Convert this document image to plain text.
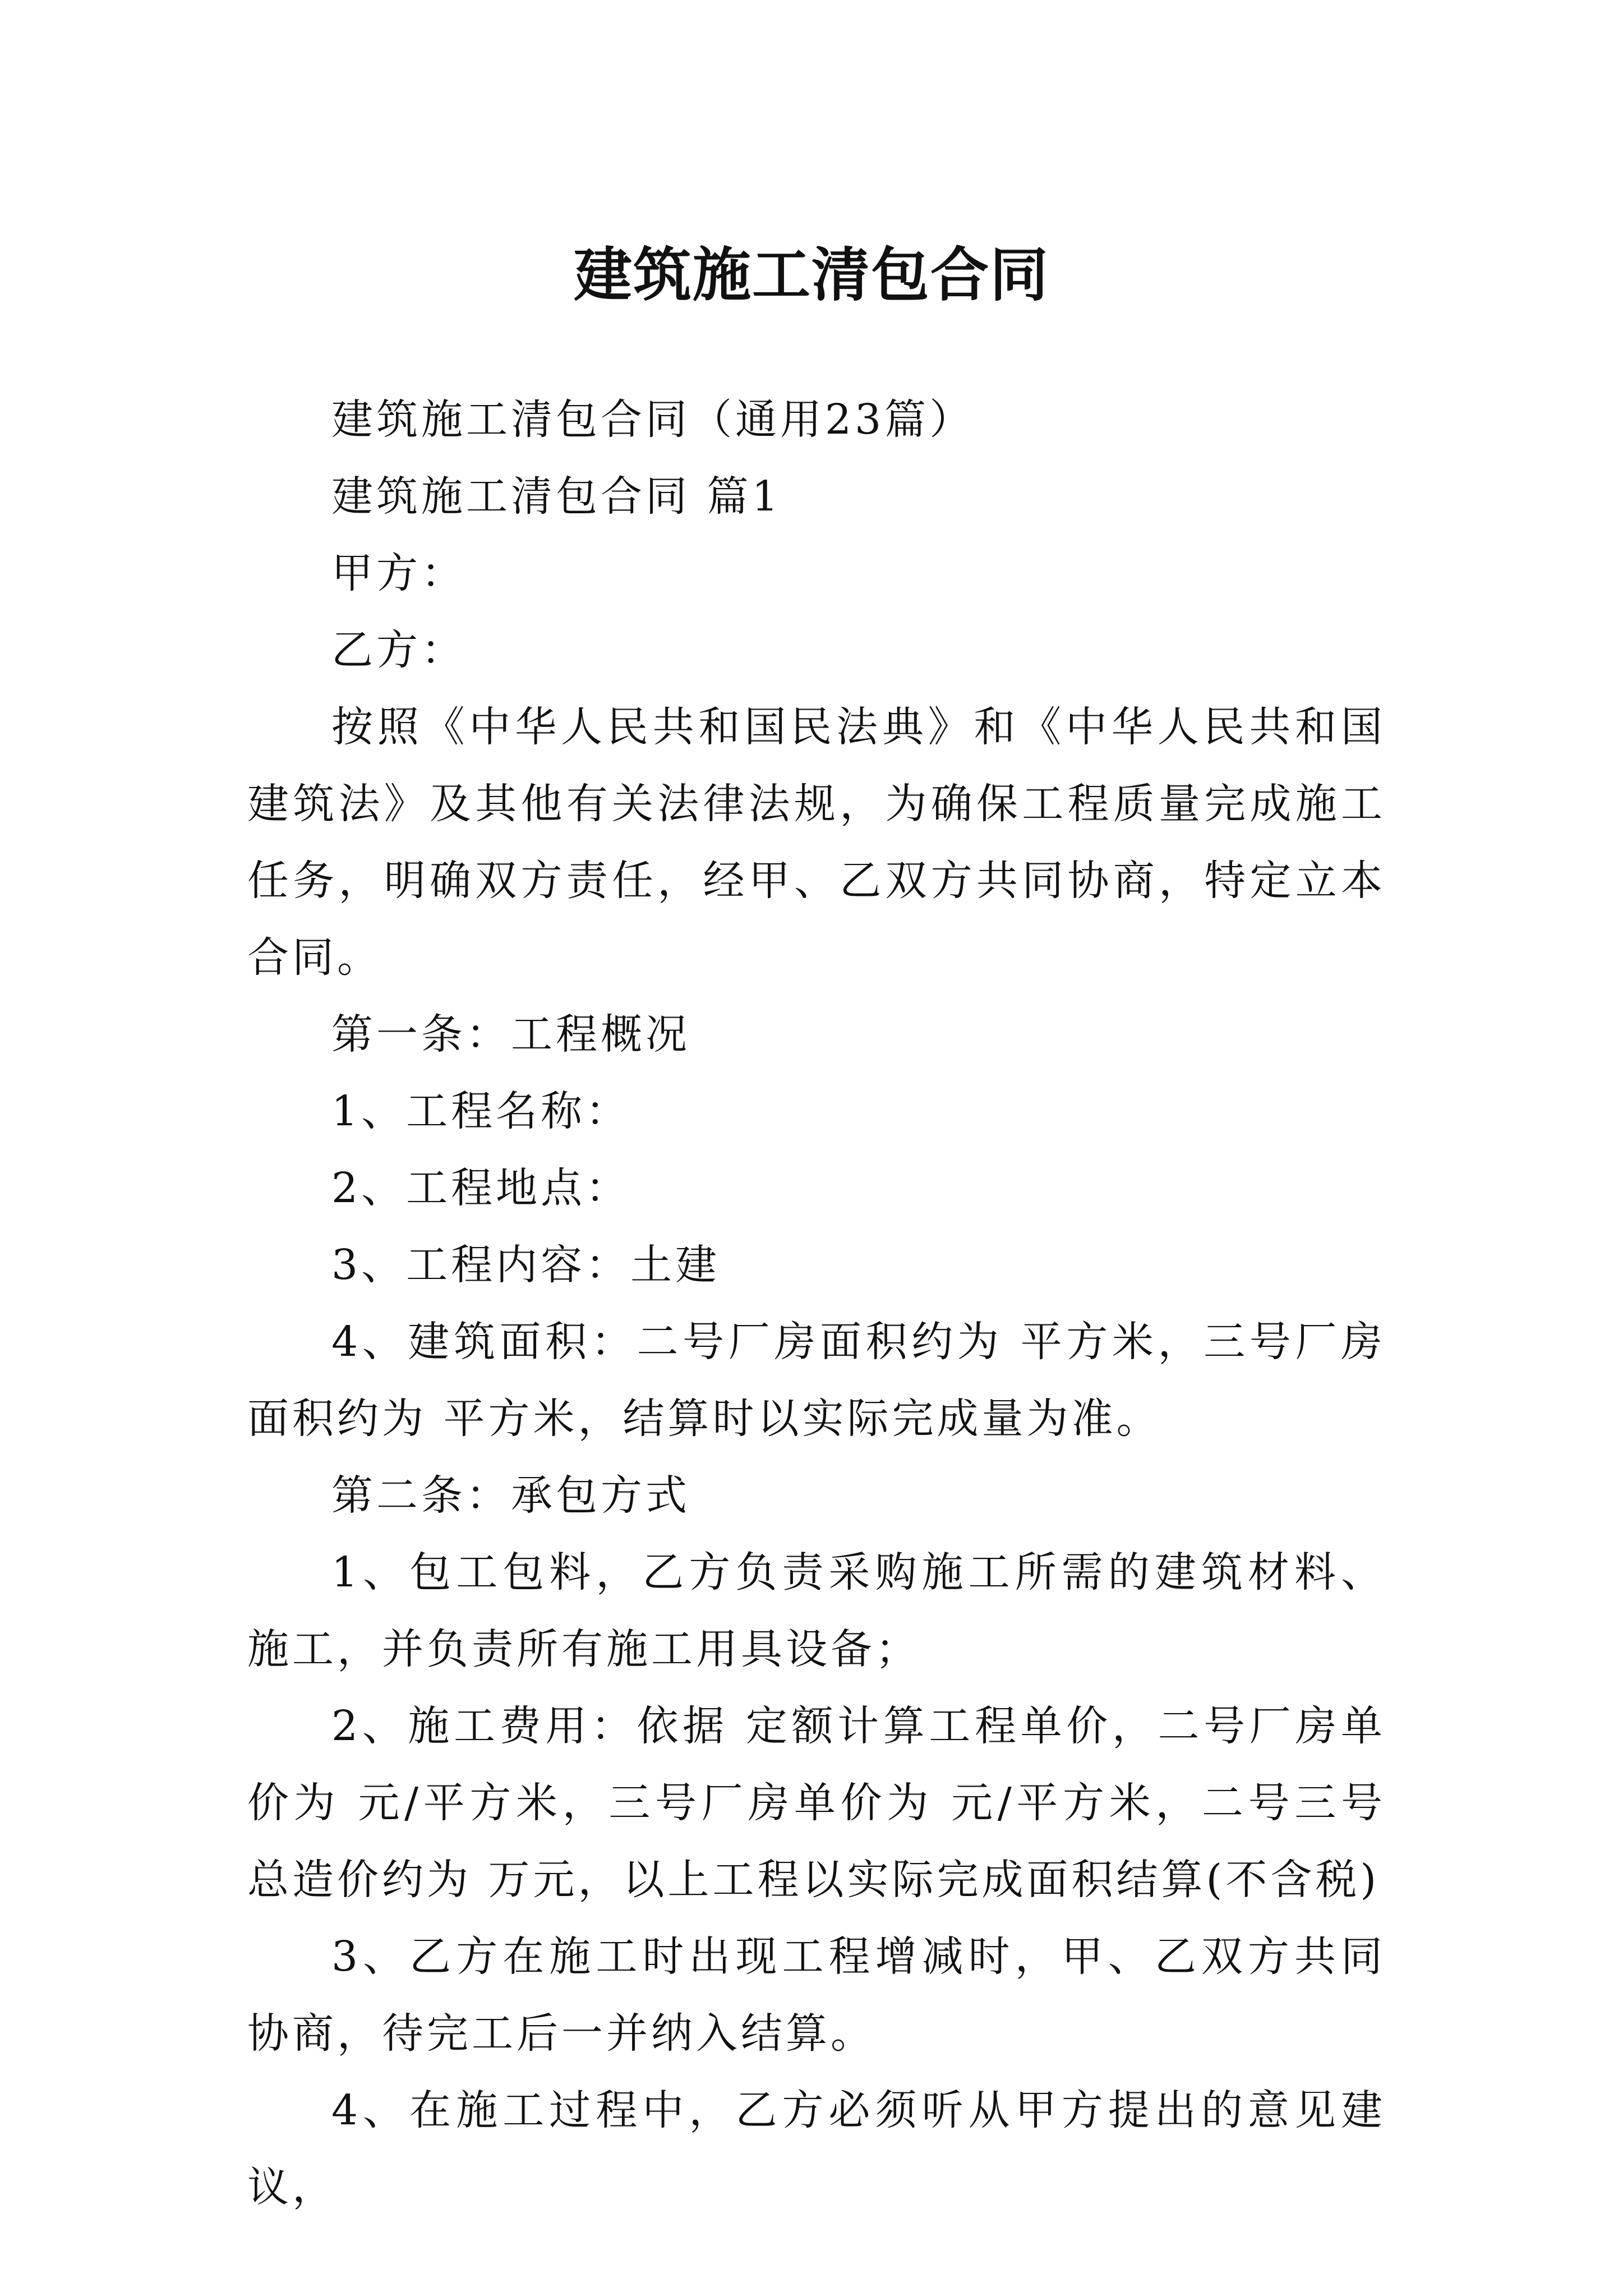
建筑施工清包合同

建筑施工清包合同（通用23篇）

建筑施工清包合同 篇1

甲方：

乙方：

按照《中华人民共和国民法典》和《中华人民共和国建筑法》及其他有关法律法规，为确保工程质量完成施工任务，明确双方责任，经甲、乙双方共同协商，特定立本合同。

第一条：工程概况

1、工程名称：

2、工程地点：

3、工程内容：土建

4、建筑面积：二号厂房面积约为 平方米，三号厂房面积约为 平方米，结算时以实际完成量为准。

第二条：承包方式

1、包工包料，乙方负责采购施工所需的建筑材料、施工，并负责所有施工用具设备；

2、施工费用：依据 定额计算工程单价，二号厂房单价为 元/平方米，三号厂房单价为 元/平方米，二号三号总造价约为 万元，以上工程以实际完成面积结算(不含税)

3、乙方在施工时出现工程增减时，甲、乙双方共同协商，待完工后一并纳入结算。

4、在施工过程中，乙方必须听从甲方提出的意见建议，
